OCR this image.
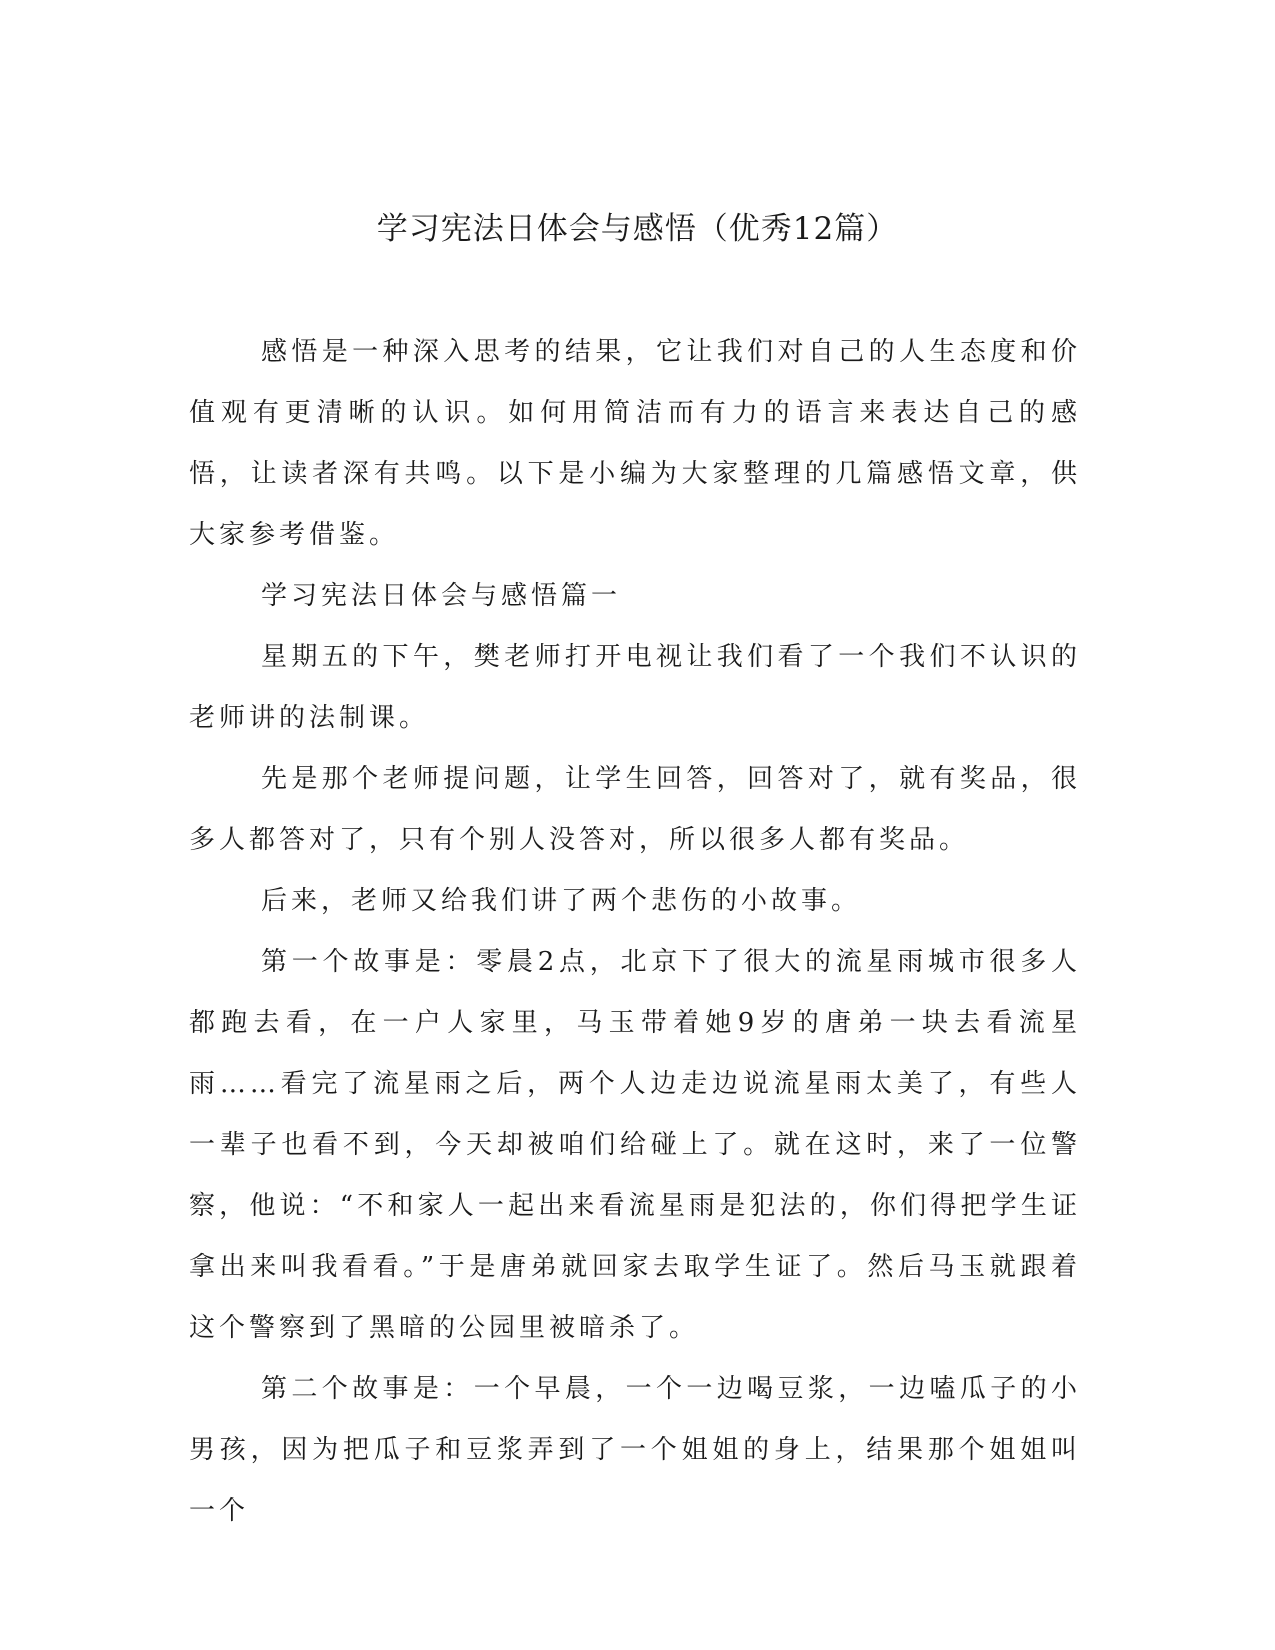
学习宪法日体会与感悟（优秀12篇）

感悟是一种深入思考的结果，它让我们对自己的人生态度和价值观有更清晰的认识。如何用简洁而有力的语言来表达自己的感悟，让读者深有共鸣。以下是小编为大家整理的几篇感悟文章，供大家参考借鉴。

学习宪法日体会与感悟篇一

星期五的下午，樊老师打开电视让我们看了一个我们不认识的老师讲的法制课。

先是那个老师提问题，让学生回答，回答对了，就有奖品，很多人都答对了，只有个别人没答对，所以很多人都有奖品。

后来，老师又给我们讲了两个悲伤的小故事。

第一个故事是：零晨2点，北京下了很大的流星雨城市很多人都跑去看，在一户人家里，马玉带着她9岁的唐弟一块去看流星雨……看完了流星雨之后，两个人边走边说流星雨太美了，有些人一辈子也看不到，今天却被咱们给碰上了。就在这时，来了一位警察，他说：“不和家人一起出来看流星雨是犯法的，你们得把学生证拿出来叫我看看。”于是唐弟就回家去取学生证了。然后马玉就跟着这个警察到了黑暗的公园里被暗杀了。

第二个故事是：一个早晨，一个一边喝豆浆，一边嗑瓜子的小男孩，因为把瓜子和豆浆弄到了一个姐姐的身上，结果那个姐姐叫一个
